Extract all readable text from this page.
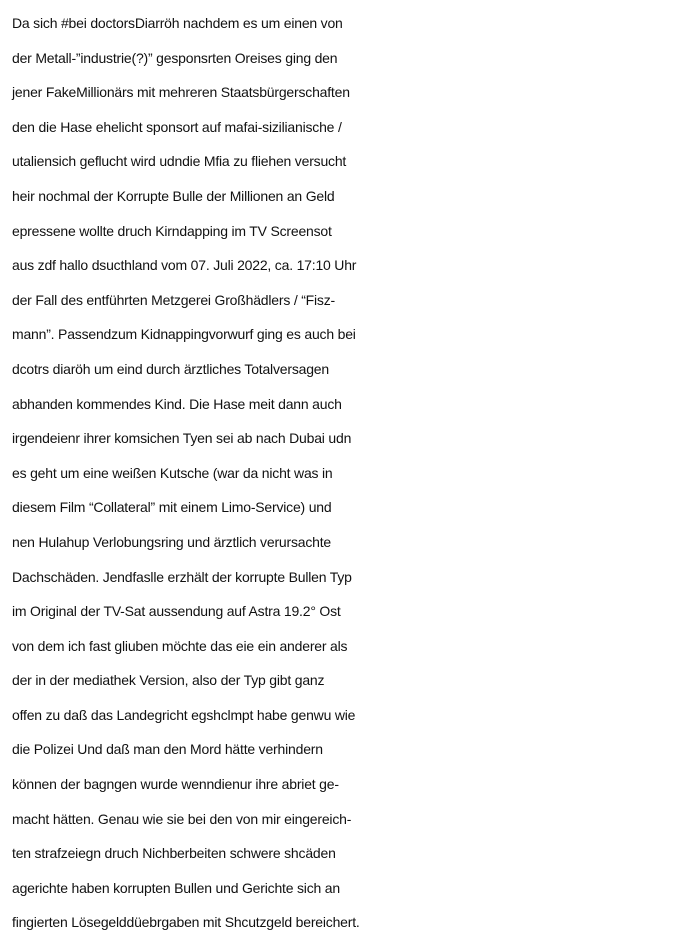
Da sich #bei doctorsDiarröh nachdem es um einen von
der Metall-”industrie(?)” gesponsrten Oreises ging den
jener FakeMillionärs mit mehreren Staatsbürgerschaften
den die Hase ehelicht sponsort auf mafai-sizilianische /
utaliensich geflucht wird udndie Mfia zu fliehen versucht
heir nochmal der Korrupte Bulle der Millionen an Geld
epressene wollte druch Kirndapping im TV Screensot
aus zdf hallo dsucthland vom 07. Juli 2022, ca. 17:10 Uhr
der Fall des entführten Metzgerei Großhädlers / “Fisz-
mann”. Passendzum Kidnappingvorwurf ging es auch bei
dcotrs diaröh um eind durch ärztliches Totalversagen
abhanden kommendes Kind. Die Hase meit dann auch
irgendeienr ihrer komsichen Tyen sei ab nach Dubai udn
es geht um eine weißen Kutsche (war da nicht was in
diesem Film “Collateral” mit einem Limo-Service) und
nen Hulahup Verlobungsring und ärztlich verursachte
Dachschäden. Jendfaslle erzhält der korrupte Bullen Typ
im Original der TV-Sat aussendung auf Astra 19.2° Ost
von dem ich fast gliuben möchte das eie ein anderer als
der in der mediathek Version, also der Typ gibt ganz
offen zu daß das Landegricht egshclmpt habe genwu wie
die Polizei Und daß man den Mord hätte verhindern
können der bagngen wurde wenndienur ihre abriet ge-
macht hätten. Genau wie sie bei den von mir eingereich-
ten strafzeiegn druch Nichberbeiten schwere shcäden
agerichte haben korrupten Bullen und Gerichte sich an
fingierten Lösegelddüebrgaben mit Shcutzgeld bereichert.
